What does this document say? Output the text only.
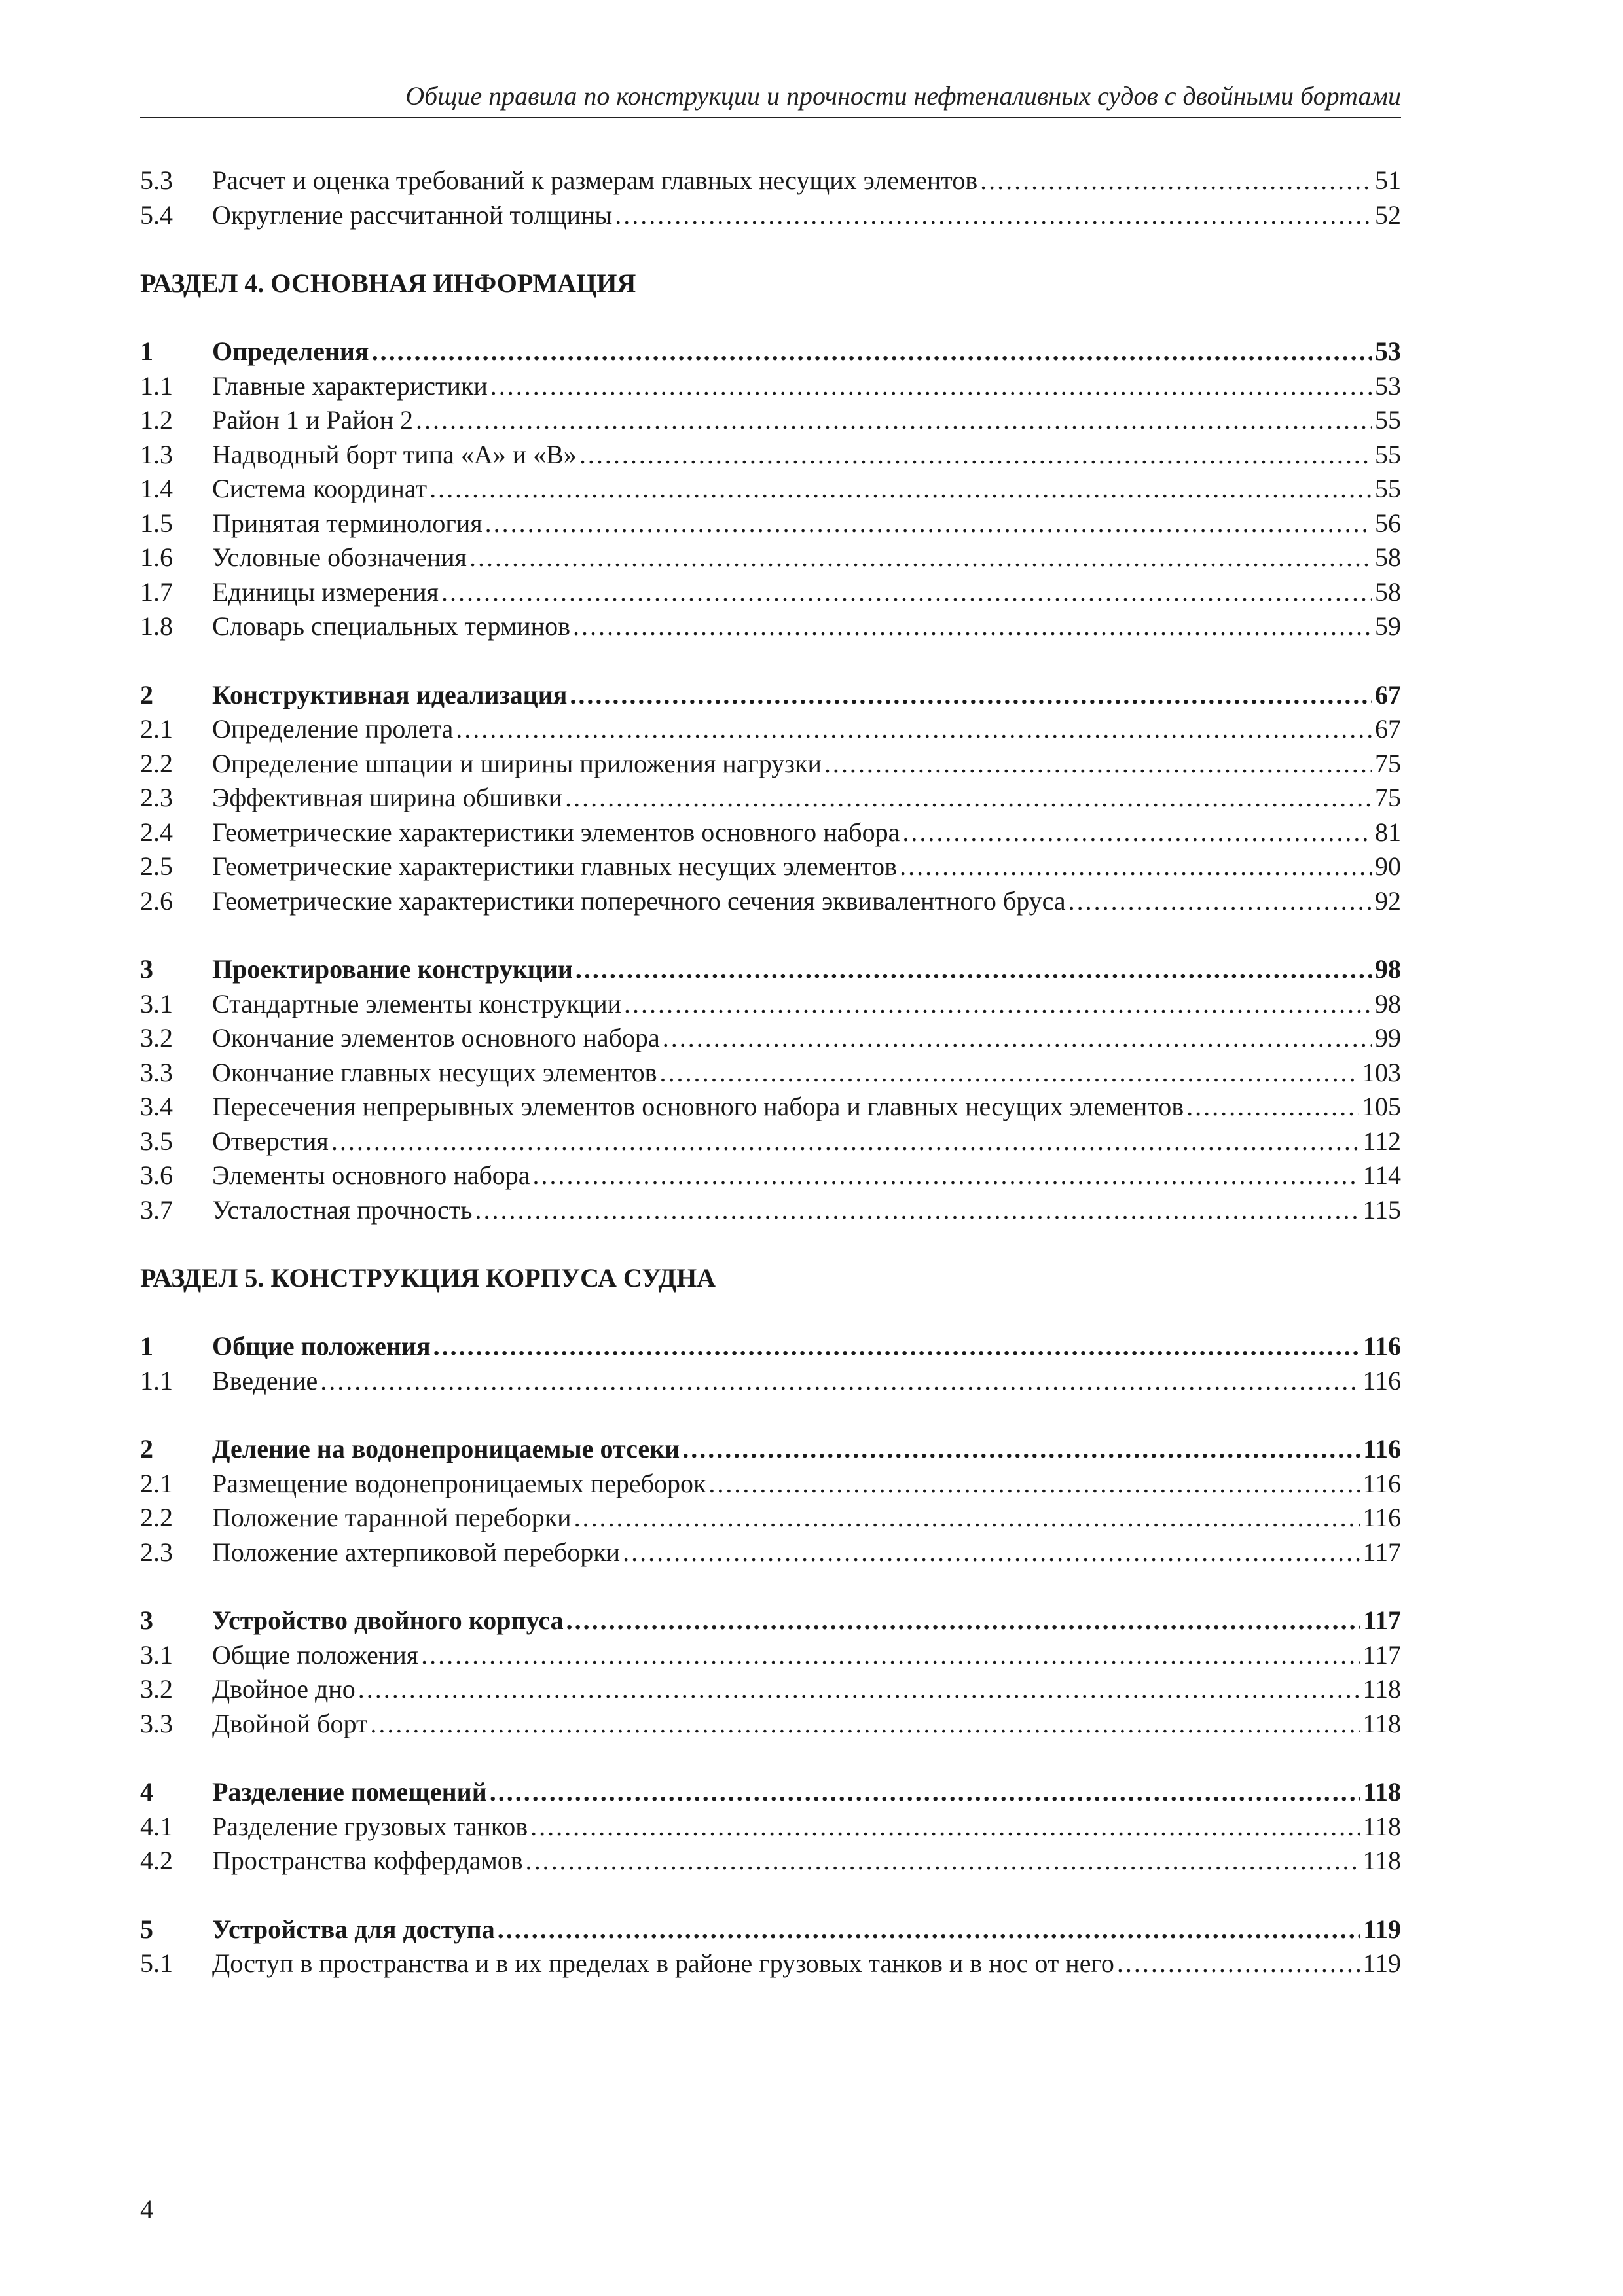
Общие правила по конструкции и прочности нефтеналивных судов с двойными бортами
5.3	Расчет и оценка требований к размерам главных несущих элементов .....	51
5.4	Округление рассчитанной толщины .....	52
РАЗДЕЛ 4. ОСНОВНАЯ ИНФОРМАЦИЯ
1	Определения .....	53
1.1	Главные характеристики .....	53
1.2	Район 1 и Район 2 .....	55
1.3	Надводный борт типа «А» и «В» .....	55
1.4	Система координат .....	55
1.5	Принятая терминология .....	56
1.6	Условные обозначения .....	58
1.7	Единицы измерения .....	58
1.8	Словарь специальных терминов .....	59
2	Конструктивная идеализация .....	67
2.1	Определение пролета .....	67
2.2	Определение шпации и ширины приложения нагрузки .....	75
2.3	Эффективная ширина обшивки .....	75
2.4	Геометрические характеристики элементов основного набора .....	81
2.5	Геометрические характеристики главных несущих элементов .....	90
2.6	Геометрические характеристики поперечного сечения эквивалентного бруса .....	92
3	Проектирование конструкции .....	98
3.1	Стандартные элементы конструкции .....	98
3.2	Окончание элементов основного набора .....	99
3.3	Окончание главных несущих элементов .....	103
3.4	Пересечения непрерывных элементов основного набора и главных несущих элементов .....	105
3.5	Отверстия .....	112
3.6	Элементы основного набора .....	114
3.7	Усталостная прочность .....	115
РАЗДЕЛ 5. КОНСТРУКЦИЯ КОРПУСА СУДНА
1	Общие положения .....	116
1.1	Введение .....	116
2	Деление на водонепроницаемые отсеки .....	116
2.1	Размещение водонепроницаемых переборок .....	116
2.2	Положение таранной переборки .....	116
2.3	Положение ахтерпиковой переборки .....	117
3	Устройство двойного корпуса .....	117
3.1	Общие положения .....	117
3.2	Двойное дно .....	118
3.3	Двойной борт .....	118
4	Разделение помещений .....	118
4.1	Разделение грузовых танков .....	118
4.2	Пространства коффердамов .....	118
5	Устройства для доступа .....	119
5.1	Доступ в пространства и в их пределах в районе грузовых танков и в нос от него .....	119
4
